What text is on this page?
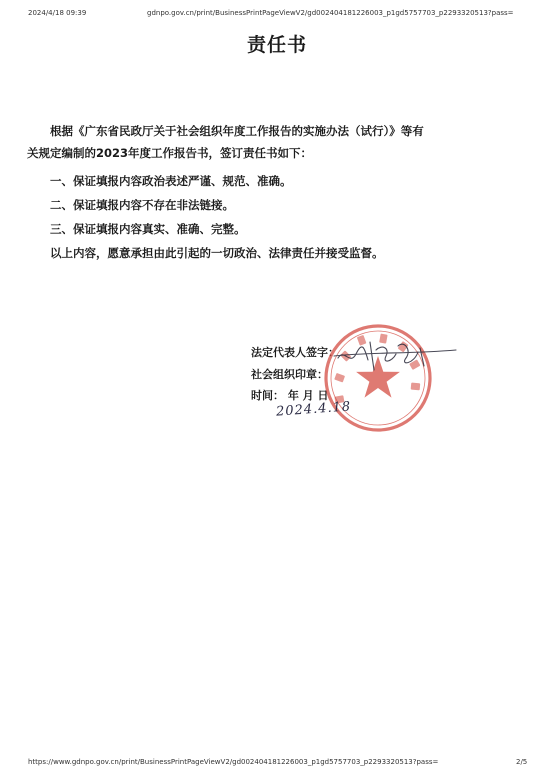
2024/4/18 09:39	gdnpo.gov.cn/print/BusinessPrintPageViewV2/gd002404181226003_p1gd5757703_p2293320513?pass=
责任书
根据《广东省民政厅关于社会组织年度工作报告的实施办法（试行）》等有
关规定编制的2023年度工作报告书，签订责任书如下：
一、保证填报内容政治表述严谨、规范、准确。
二、保证填报内容不存在非法链接。
三、保证填报内容真实、准确、完整。
以上内容，愿意承担由此引起的一切政治、法律责任并接受监督。
法定代表人签字：
社会组织印章：
时间： 年 月 日
2024.4.18
https://www.gdnpo.gov.cn/print/BusinessPrintPageViewV2/gd002404181226003_p1gd5757703_p2293320513?pass=	2/5
